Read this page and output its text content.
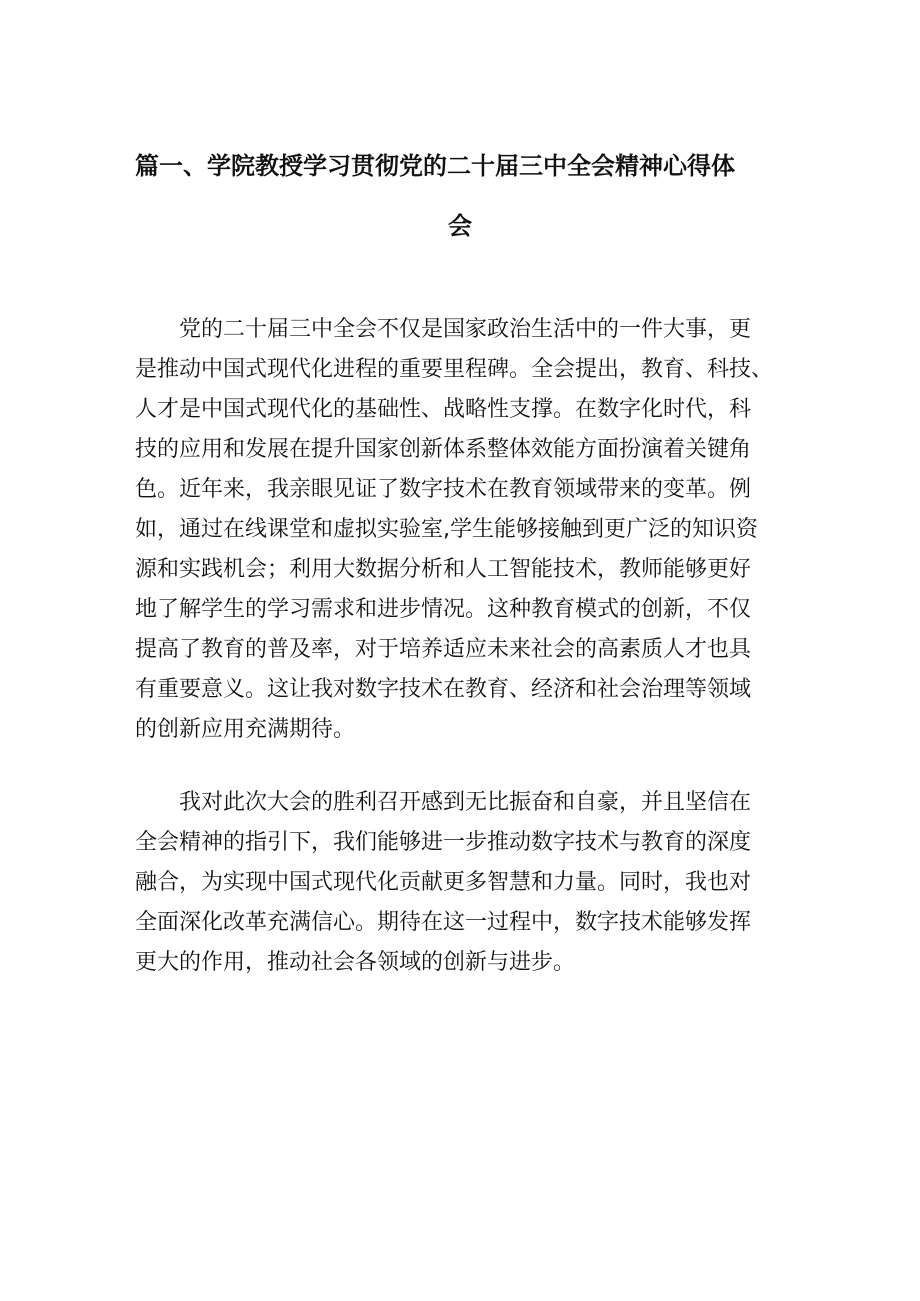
篇一、学院教授学习贯彻党的二十届三中全会精神心得体
会
党的二十届三中全会不仅是国家政治生活中的一件大事，更
是推动中国式现代化进程的重要里程碑。全会提出，教育、科技、
人才是中国式现代化的基础性、战略性支撑。在数字化时代，科
技的应用和发展在提升国家创新体系整体效能方面扮演着关键角
色。近年来，我亲眼见证了数字技术在教育领域带来的变革。例
如，通过在线课堂和虚拟实验室,学生能够接触到更广泛的知识资
源和实践机会；利用大数据分析和人工智能技术，教师能够更好
地了解学生的学习需求和进步情况。这种教育模式的创新，不仅
提高了教育的普及率，对于培养适应未来社会的高素质人才也具
有重要意义。这让我对数字技术在教育、经济和社会治理等领域
的创新应用充满期待。
我对此次大会的胜利召开感到无比振奋和自豪，并且坚信在
全会精神的指引下，我们能够进一步推动数字技术与教育的深度
融合，为实现中国式现代化贡献更多智慧和力量。同时，我也对
全面深化改革充满信心。期待在这一过程中，数字技术能够发挥
更大的作用，推动社会各领域的创新与进步。
